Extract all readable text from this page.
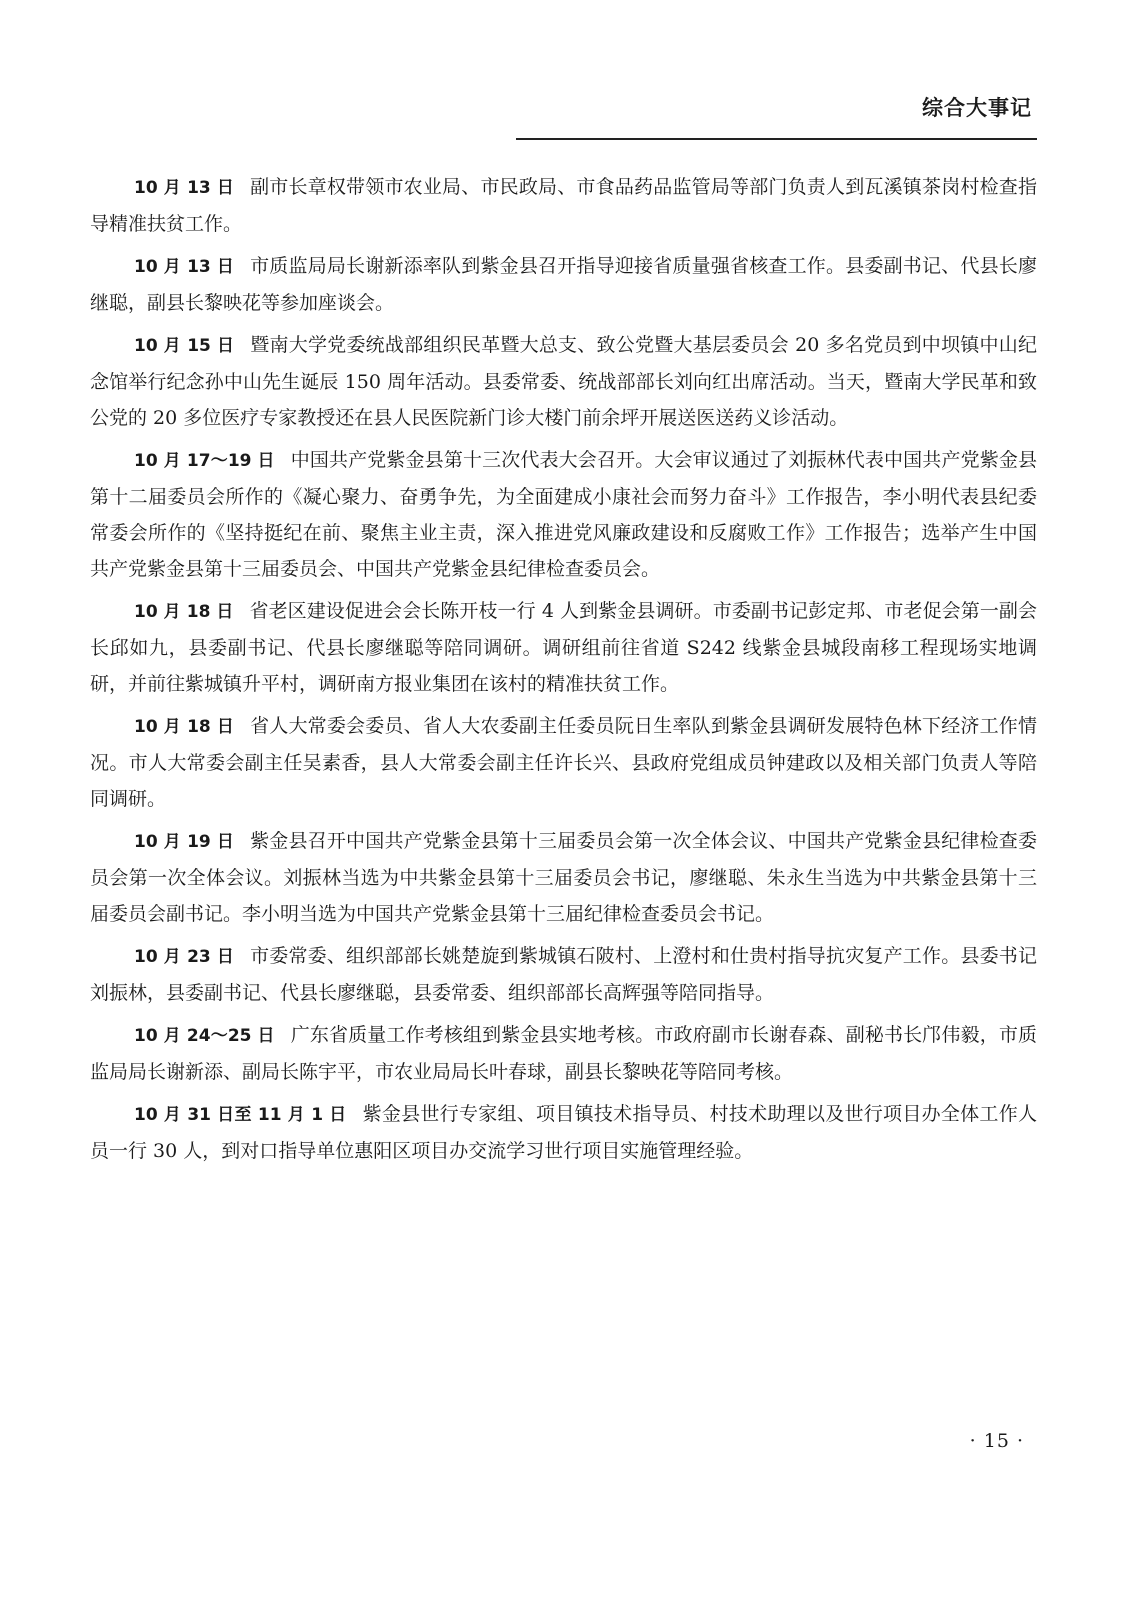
综合大事记

10 月 13 日 副市长章权带领市农业局、市民政局、市食品药品监管局等部门负责人到瓦溪镇茶岗村检查指导精准扶贫工作。

10 月 13 日 市质监局局长谢新添率队到紫金县召开指导迎接省质量强省核查工作。县委副书记、代县长廖继聪，副县长黎映花等参加座谈会。

10 月 15 日 暨南大学党委统战部组织民革暨大总支、致公党暨大基层委员会 20 多名党员到中坝镇中山纪念馆举行纪念孙中山先生诞辰 150 周年活动。县委常委、统战部部长刘向红出席活动。当天，暨南大学民革和致公党的 20 多位医疗专家教授还在县人民医院新门诊大楼门前余坪开展送医送药义诊活动。

10 月 17～19 日 中国共产党紫金县第十三次代表大会召开。大会审议通过了刘振林代表中国共产党紫金县第十二届委员会所作的《凝心聚力、奋勇争先，为全面建成小康社会而努力奋斗》工作报告，李小明代表县纪委常委会所作的《坚持挺纪在前、聚焦主业主责，深入推进党风廉政建设和反腐败工作》工作报告；选举产生中国共产党紫金县第十三届委员会、中国共产党紫金县纪律检查委员会。

10 月 18 日 省老区建设促进会会长陈开枝一行 4 人到紫金县调研。市委副书记彭定邦、市老促会第一副会长邱如九，县委副书记、代县长廖继聪等陪同调研。调研组前往省道 S242 线紫金县城段南移工程现场实地调研，并前往紫城镇升平村，调研南方报业集团在该村的精准扶贫工作。

10 月 18 日 省人大常委会委员、省人大农委副主任委员阮日生率队到紫金县调研发展特色林下经济工作情况。市人大常委会副主任吴素香，县人大常委会副主任许长兴、县政府党组成员钟建政以及相关部门负责人等陪同调研。

10 月 19 日 紫金县召开中国共产党紫金县第十三届委员会第一次全体会议、中国共产党紫金县纪律检查委员会第一次全体会议。刘振林当选为中共紫金县第十三届委员会书记，廖继聪、朱永生当选为中共紫金县第十三届委员会副书记。李小明当选为中国共产党紫金县第十三届纪律检查委员会书记。

10 月 23 日 市委常委、组织部部长姚楚旋到紫城镇石陂村、上澄村和仕贵村指导抗灾复产工作。县委书记刘振林，县委副书记、代县长廖继聪，县委常委、组织部部长高辉强等陪同指导。

10 月 24～25 日 广东省质量工作考核组到紫金县实地考核。市政府副市长谢春森、副秘书长邝伟毅，市质监局局长谢新添、副局长陈宇平，市农业局局长叶春球，副县长黎映花等陪同考核。

10 月 31 日至 11 月 1 日 紫金县世行专家组、项目镇技术指导员、村技术助理以及世行项目办全体工作人员一行 30 人，到对口指导单位惠阳区项目办交流学习世行项目实施管理经验。

· 15 ·
